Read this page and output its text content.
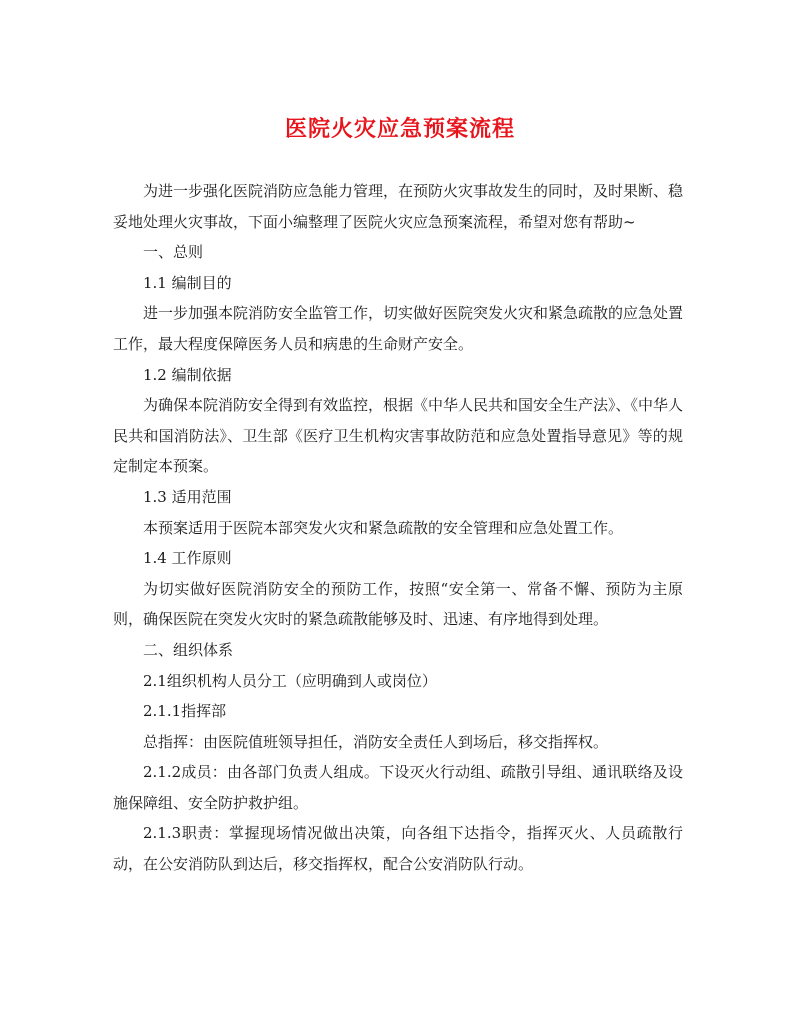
医院火灾应急预案流程

为进一步强化医院消防应急能力管理，在预防火灾事故发生的同时，及时果断、稳妥地处理火灾事故，下面小编整理了医院火灾应急预案流程，希望对您有帮助~

一、总则

1.1 编制目的

进一步加强本院消防安全监管工作，切实做好医院突发火灾和紧急疏散的应急处置工作，最大程度保障医务人员和病患的生命财产安全。

1.2 编制依据

为确保本院消防安全得到有效监控，根据《中华人民共和国安全生产法》、《中华人民共和国消防法》、卫生部《医疗卫生机构灾害事故防范和应急处置指导意见》等的规定制定本预案。

1.3 适用范围

本预案适用于医院本部突发火灾和紧急疏散的安全管理和应急处置工作。

1.4 工作原则

为切实做好医院消防安全的预防工作，按照“安全第一、常备不懈、预防为主原则，确保医院在突发火灾时的紧急疏散能够及时、迅速、有序地得到处理。

二、组织体系

2.1组织机构人员分工（应明确到人或岗位）

2.1.1指挥部

总指挥：由医院值班领导担任，消防安全责任人到场后，移交指挥权。

2.1.2成员：由各部门负责人组成。下设灭火行动组、疏散引导组、通讯联络及设施保障组、安全防护救护组。

2.1.3职责：掌握现场情况做出决策，向各组下达指令，指挥灭火、人员疏散行动，在公安消防队到达后，移交指挥权，配合公安消防队行动。
